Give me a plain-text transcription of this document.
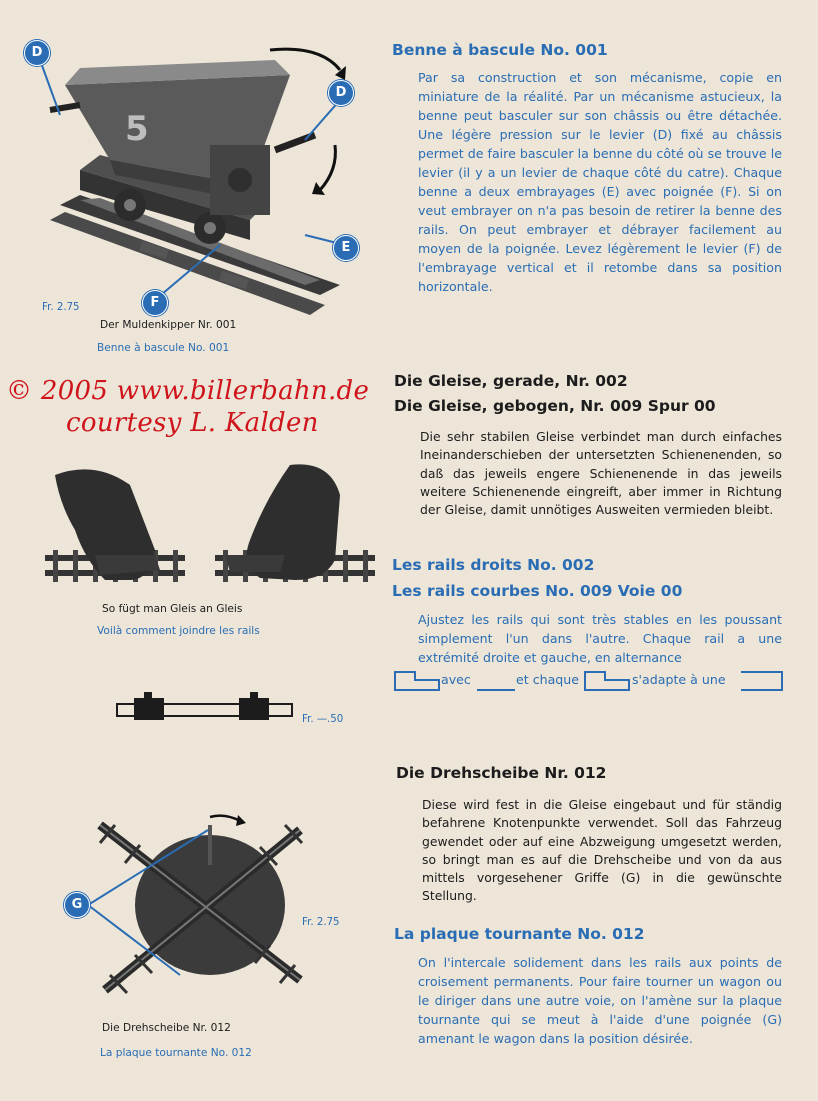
5
D
D
E
F
Fr. 2.75
Der Muldenkipper Nr. 001
Benne à bascule No. 001
Benne à bascule No. 001
Par sa construction et son mécanisme, copie en miniature de la réalité. Par un mécanisme astucieux, la benne peut basculer sur son châssis ou être détachée. Une légère pression sur le levier (D) fixé au châssis permet de faire basculer la benne du côté où se trouve le levier (il y a un levier de chaque côté du catre). Chaque benne a deux embrayages (E) avec poignée (F). Si on veut embrayer on n'a pas besoin de retirer la benne des rails. On peut embrayer et débrayer facilement au moyen de la poignée. Levez légèrement le levier (F) de l'embrayage vertical et il retombe dans sa position horizontale.
© 2005 www.billerbahn.de
courtesy L. Kalden
So fügt man Gleis an Gleis
Voilà comment joindre les rails
Fr. —.50
Die Gleise, gerade, Nr. 002
Die Gleise, gebogen, Nr. 009 Spur 00
Die sehr stabilen Gleise verbindet man durch einfaches Ineinanderschieben der untersetzten Schienenenden, so daß das jeweils engere Schienenende in das jeweils weitere Schienenende eingreift, aber immer in Richtung der Gleise, damit unnötiges Ausweiten vermieden bleibt.
Les rails droits No. 002
Les rails courbes No. 009 Voie 00
Ajustez les rails qui sont très stables en les poussant simplement l'un dans l'autre. Chaque rail a une extrémité droite et gauche, en alternance
avec	et chaque	s'adapte à une
G
Fr. 2.75
Die Drehscheibe Nr. 012
La plaque tournante No. 012
Die Drehscheibe Nr. 012
Diese wird fest in die Gleise eingebaut und für ständig befahrene Knotenpunkte verwendet. Soll das Fahrzeug gewendet oder auf eine Abzweigung umgesetzt werden, so bringt man es auf die Drehscheibe und von da aus mittels vorgesehener Griffe (G) in die gewünschte Stellung.
La plaque tournante No. 012
On l'intercale solidement dans les rails aux points de croisement permanents. Pour faire tourner un wagon ou le diriger dans une autre voie, on l'amène sur la plaque tournante qui se meut à l'aide d'une poignée (G) amenant le wagon dans la position désirée.
